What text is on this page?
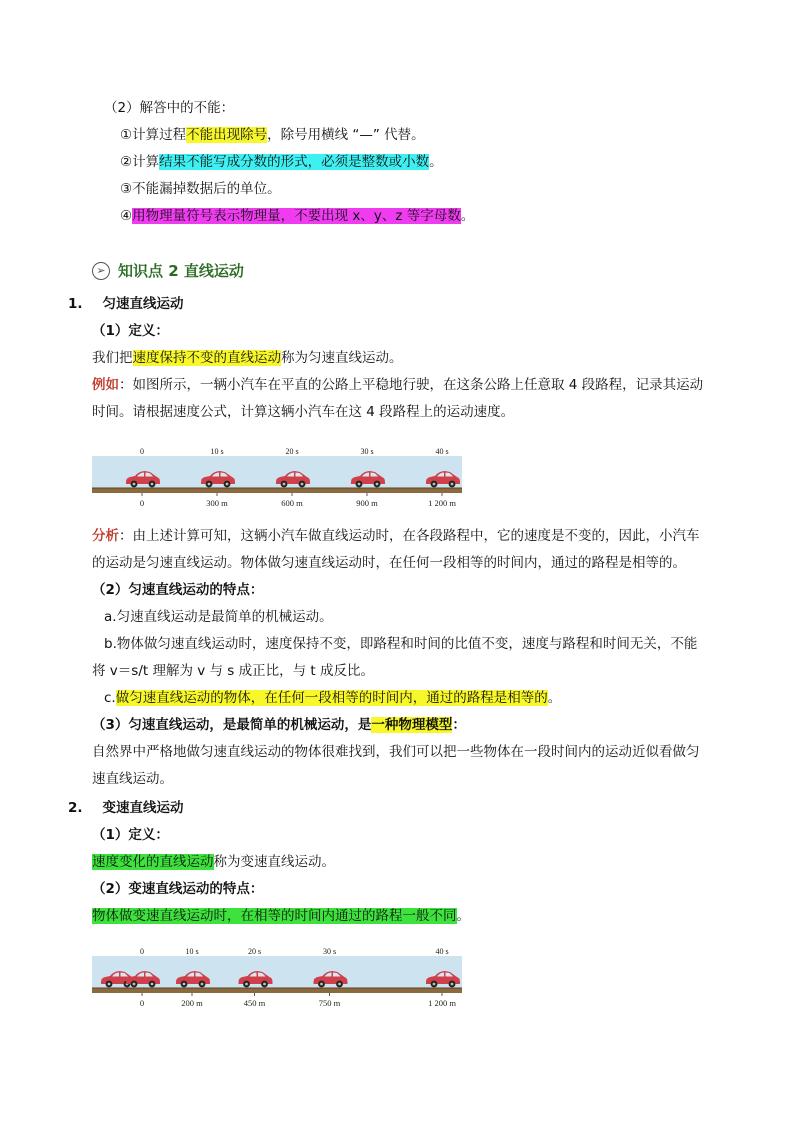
（2）解答中的不能：
①计算过程不能出现除号，除号用横线 “—” 代替。
②计算结果不能写成分数的形式，必须是整数或小数。
③不能漏掉数据后的单位。
④用物理量符号表示物理量，不要出现 x、y、z 等字母数。
➢ 知识点 2 直线运动
1. 匀速直线运动
（1）定义：
我们把速度保持不变的直线运动称为匀速直线运动。
例如：如图所示，一辆小汽车在平直的公路上平稳地行驶，在这条公路上任意取 4 段路程，记录其运动
时间。请根据速度公式，计算这辆小汽车在这 4 段路程上的运动速度。
0	10 s	20 s	30 s	40 s
0	300 m	600 m	900 m	1 200 m
分析：由上述计算可知，这辆小汽车做直线运动时，在各段路程中，它的速度是不变的，因此，小汽车
的运动是匀速直线运动。物体做匀速直线运动时，在任何一段相等的时间内，通过的路程是相等的。
（2）匀速直线运动的特点：
a.匀速直线运动是最简单的机械运动。
b.物体做匀速直线运动时，速度保持不变，即路程和时间的比值不变，速度与路程和时间无关，不能
将 v＝s/t 理解为 v 与 s 成正比，与 t 成反比。
c.做匀速直线运动的物体，在任何一段相等的时间内，通过的路程是相等的。
（3）匀速直线运动，是最简单的机械运动，是一种物理模型：
自然界中严格地做匀速直线运动的物体很难找到，我们可以把一些物体在一段时间内的运动近似看做匀
速直线运动。
2. 变速直线运动
（1）定义：
速度变化的直线运动称为变速直线运动。
（2）变速直线运动的特点：
物体做变速直线运动时，在相等的时间内通过的路程一般不同。
0	10 s	20 s	30 s	40 s
0	200 m	450 m	750 m	1 200 m
